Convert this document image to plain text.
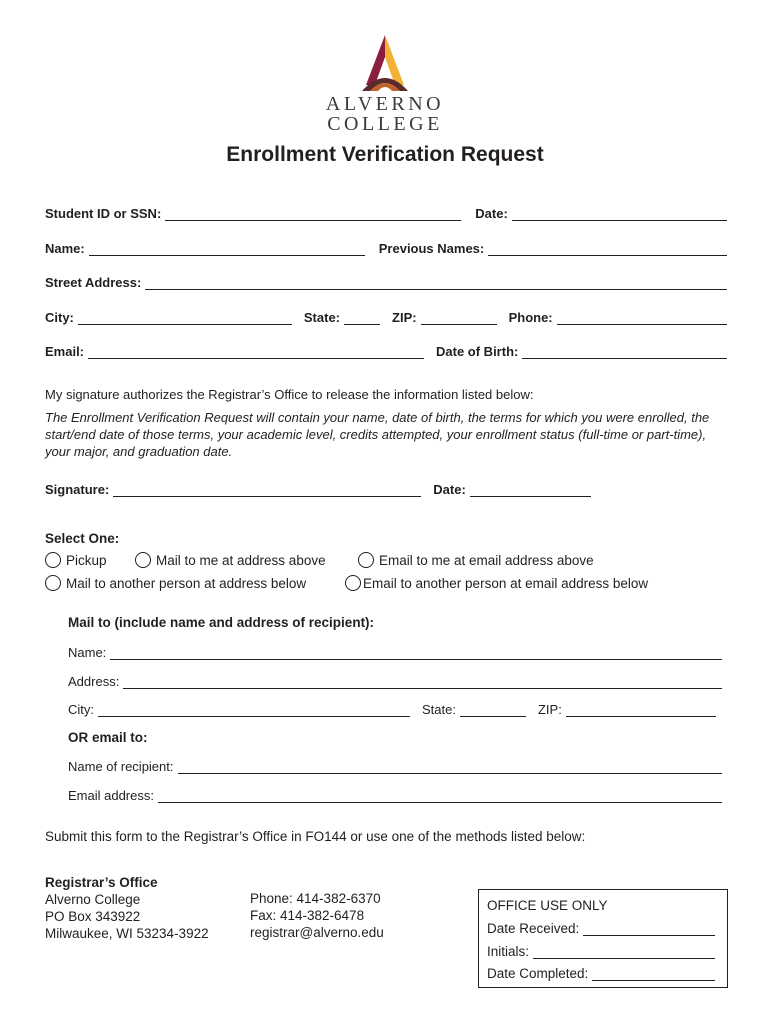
ALVERNO
COLLEGE
Enrollment Verification Request
Student ID or SSN:	Date:
Name:	Previous Names:
Street Address:
City:	State:	ZIP:	Phone:
Email:	Date of Birth:
My signature authorizes the Registrar’s Office to release the information listed below:
The Enrollment Verification Request will contain your name, date of birth, the terms for which you were enrolled, the start/end date of those terms, your academic level, credits attempted, your enrollment status (full-time or part-time), your major, and graduation date.
Signature:	Date:
Select One:
Pickup	Mail to me at address above	Email to me at email address above
Mail to another person at address below	Email to another person at email address below
Mail to (include name and address of recipient):
Name:
Address:
City:	State:	ZIP:
OR email to:
Name of recipient:
Email address:
Submit this form to the Registrar’s Office in FO144 or use one of the methods listed below:
Registrar’s Office
Alverno College
PO Box 343922
Milwaukee, WI 53234-3922
Phone: 414-382-6370
Fax: 414-382-6478
registrar@alverno.edu
OFFICE USE ONLY
Date Received:
Initials:
Date Completed:
